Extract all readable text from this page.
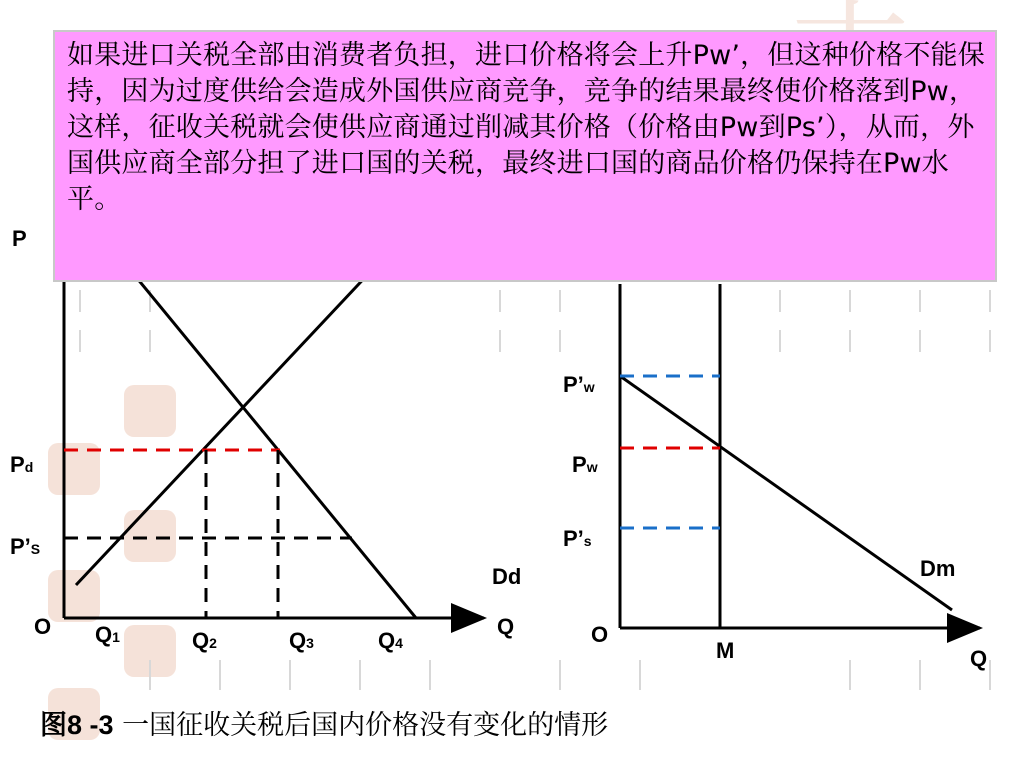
P
Pd
P’S
O	Q
Dd
Q1	Q2	Q3	Q4
P’w
Pw
P’s
O
M	Q
Dm

如果进口关税全部由消费者负担，进口价格将会上升Pw’，但这种价格不能保持，因为过度供给会造成外国供应商竞争，竞争的结果最终使价格落到Pw，这样，征收关税就会使供应商通过削减其价格（价格由Pw到Ps’），从而，外国供应商全部分担了进口国的关税，最终进口国的商品价格仍保持在Pw水平。

图8 -3 一国征收关税后国内价格没有变化的情形
